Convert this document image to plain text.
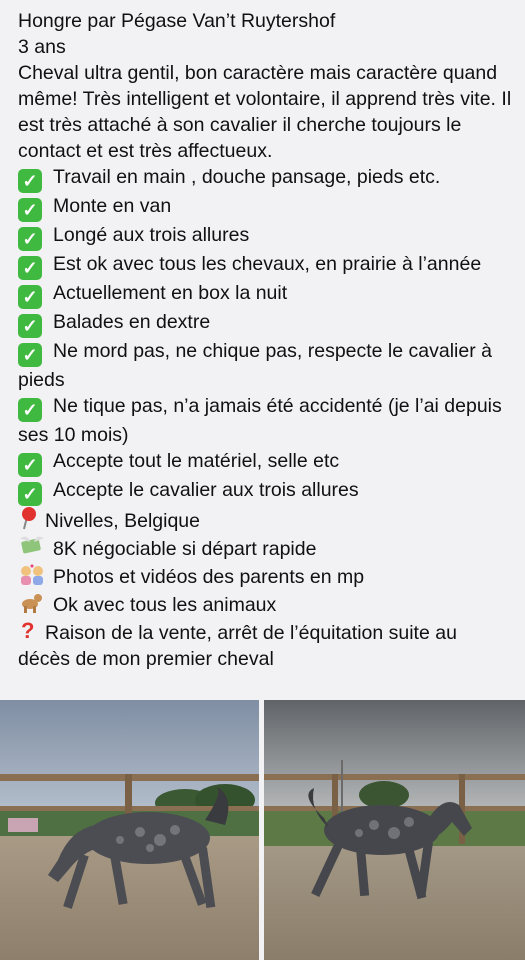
Hongre par Pégase Van’t Ruytershof
3 ans
Cheval ultra gentil, bon caractère mais caractère quand même! Très intelligent et volontaire, il apprend très vite. Il est très attaché à son cavalier il cherche toujours le contact et est très affectueux.
✓ Travail en main , douche pansage, pieds etc.
✓ Monte en van
✓ Longé aux trois allures
✓ Est ok avec tous les chevaux, en prairie à l’année
✓ Actuellement en box la nuit
✓ Balades en dextre
✓ Ne mord pas, ne chique pas, respecte le cavalier à pieds
✓ Ne tique pas, n’a jamais été accidenté (je l’ai depuis ses 10 mois)
✓ Accepte tout le matériel, selle etc
✓ Accepte le cavalier aux trois allures
Nivelles, Belgique
8K négociable si départ rapide
Photos et vidéos des parents en mp
Ok avec tous les animaux
? Raison de la vente, arrêt de l’équitation suite au décès de mon premier cheval
